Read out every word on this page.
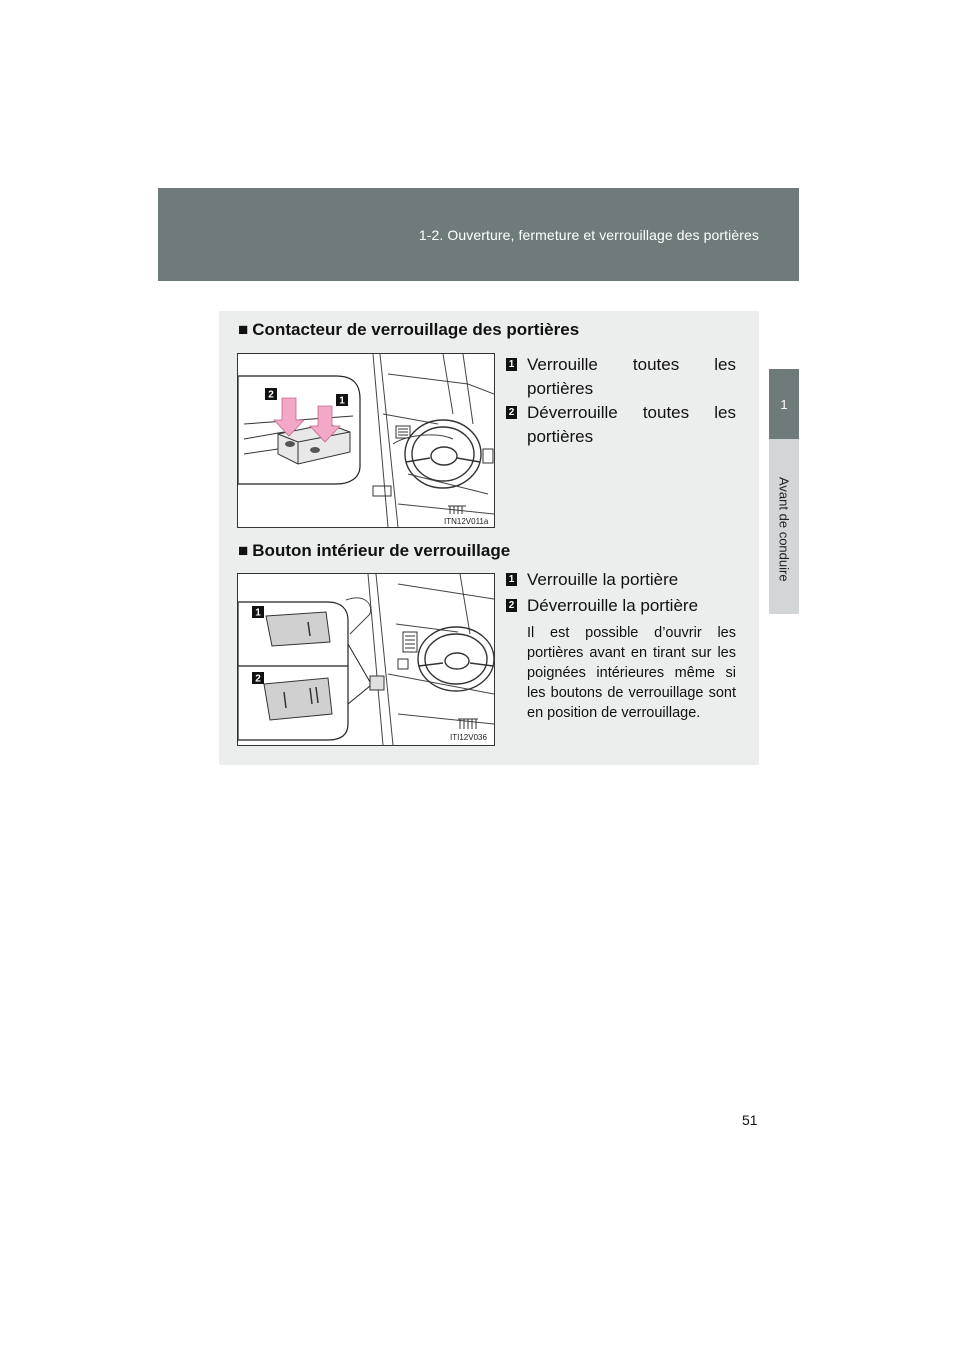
1-2. Ouverture, fermeture et verrouillage des portières
1
Avant de conduire
■ Contacteur de verrouillage des portières
2
1
ITN12V011a
1 Verrouille toutes les portières
2 Déverrouille toutes les portières
■ Bouton intérieur de verrouillage
1
2
ITI12V036
1 Verrouille la portière
2 Déverrouille la portière
Il est possible d’ouvrir les portières avant en tirant sur les poignées intérieures même si les boutons de verrouillage sont en position de verrouillage.
51
